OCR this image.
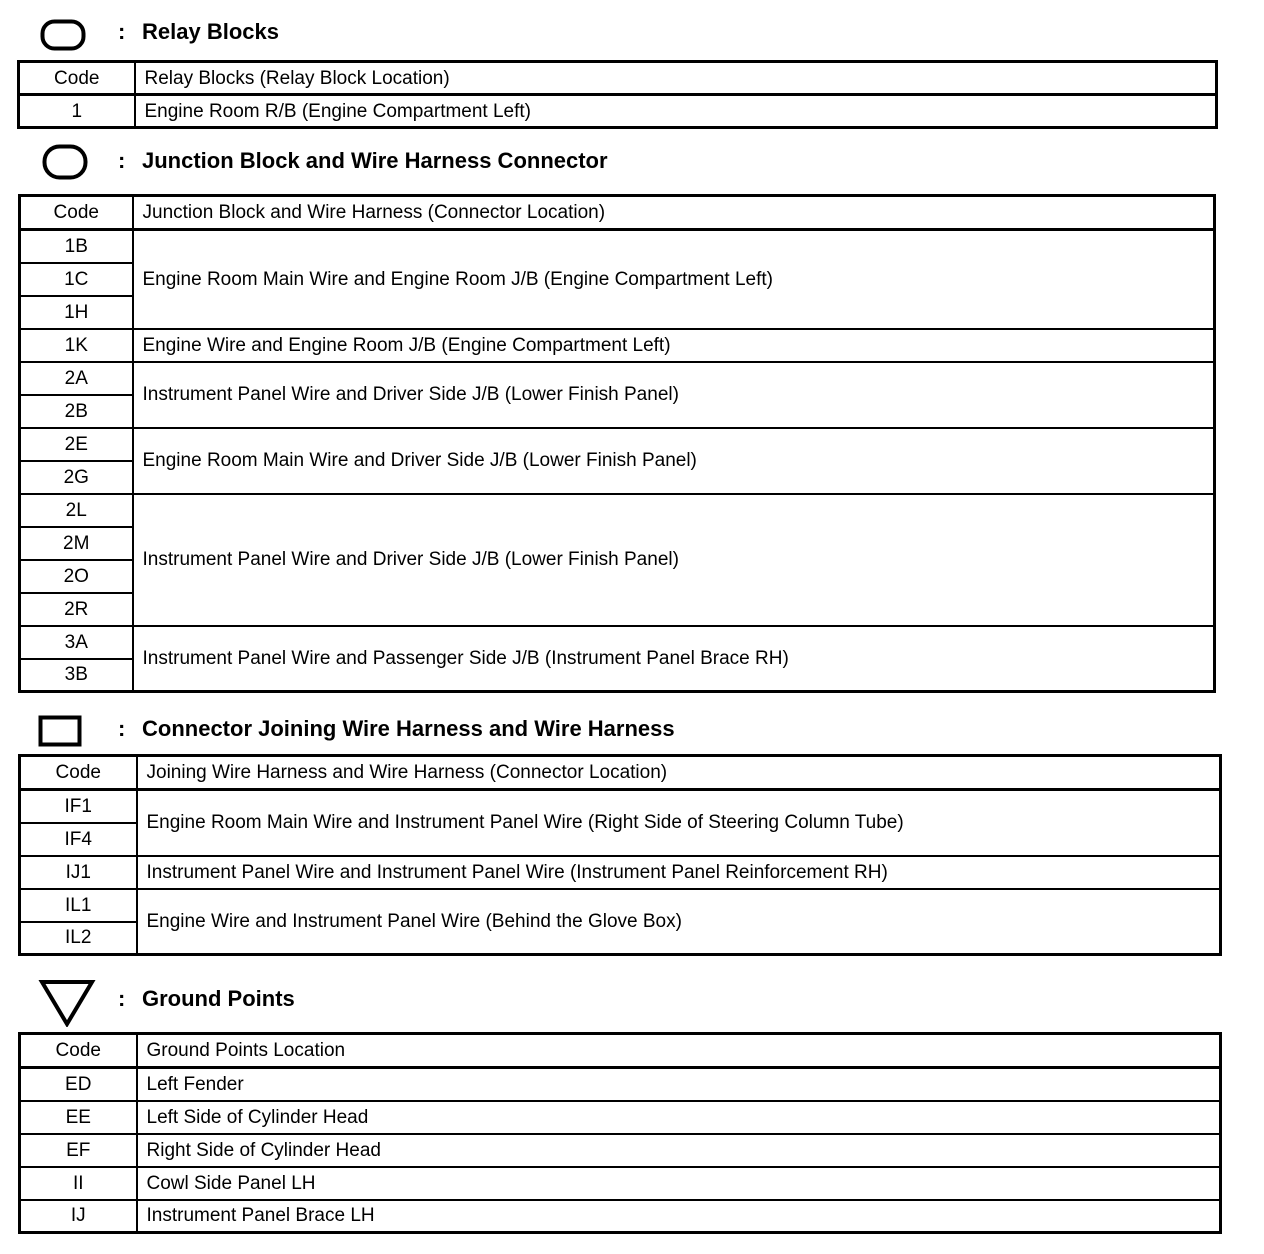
: Relay Blocks
Code	Relay Blocks (Relay Block Location)
1	Engine Room R/B (Engine Compartment Left)
: Junction Block and Wire Harness Connector
Code	Junction Block and Wire Harness (Connector Location)
1B	Engine Room Main Wire and Engine Room J/B (Engine Compartment Left)
1C	
1H	
1K	Engine Wire and Engine Room J/B (Engine Compartment Left)
2A	Instrument Panel Wire and Driver Side J/B (Lower Finish Panel)
2B	
2E	Engine Room Main Wire and Driver Side J/B (Lower Finish Panel)
2G	
2L	Instrument Panel Wire and Driver Side J/B (Lower Finish Panel)
2M	
2O	
2R	
3A	Instrument Panel Wire and Passenger Side J/B (Instrument Panel Brace RH)
3B	
: Connector Joining Wire Harness and Wire Harness
Code	Joining Wire Harness and Wire Harness (Connector Location)
IF1	Engine Room Main Wire and Instrument Panel Wire (Right Side of Steering Column Tube)
IF4	
IJ1	Instrument Panel Wire and Instrument Panel Wire (Instrument Panel Reinforcement RH)
IL1	Engine Wire and Instrument Panel Wire (Behind the Glove Box)
IL2	
: Ground Points
Code	Ground Points Location
ED	Left Fender
EE	Left Side of Cylinder Head
EF	Right Side of Cylinder Head
II	Cowl Side Panel LH
IJ	Instrument Panel Brace LH
